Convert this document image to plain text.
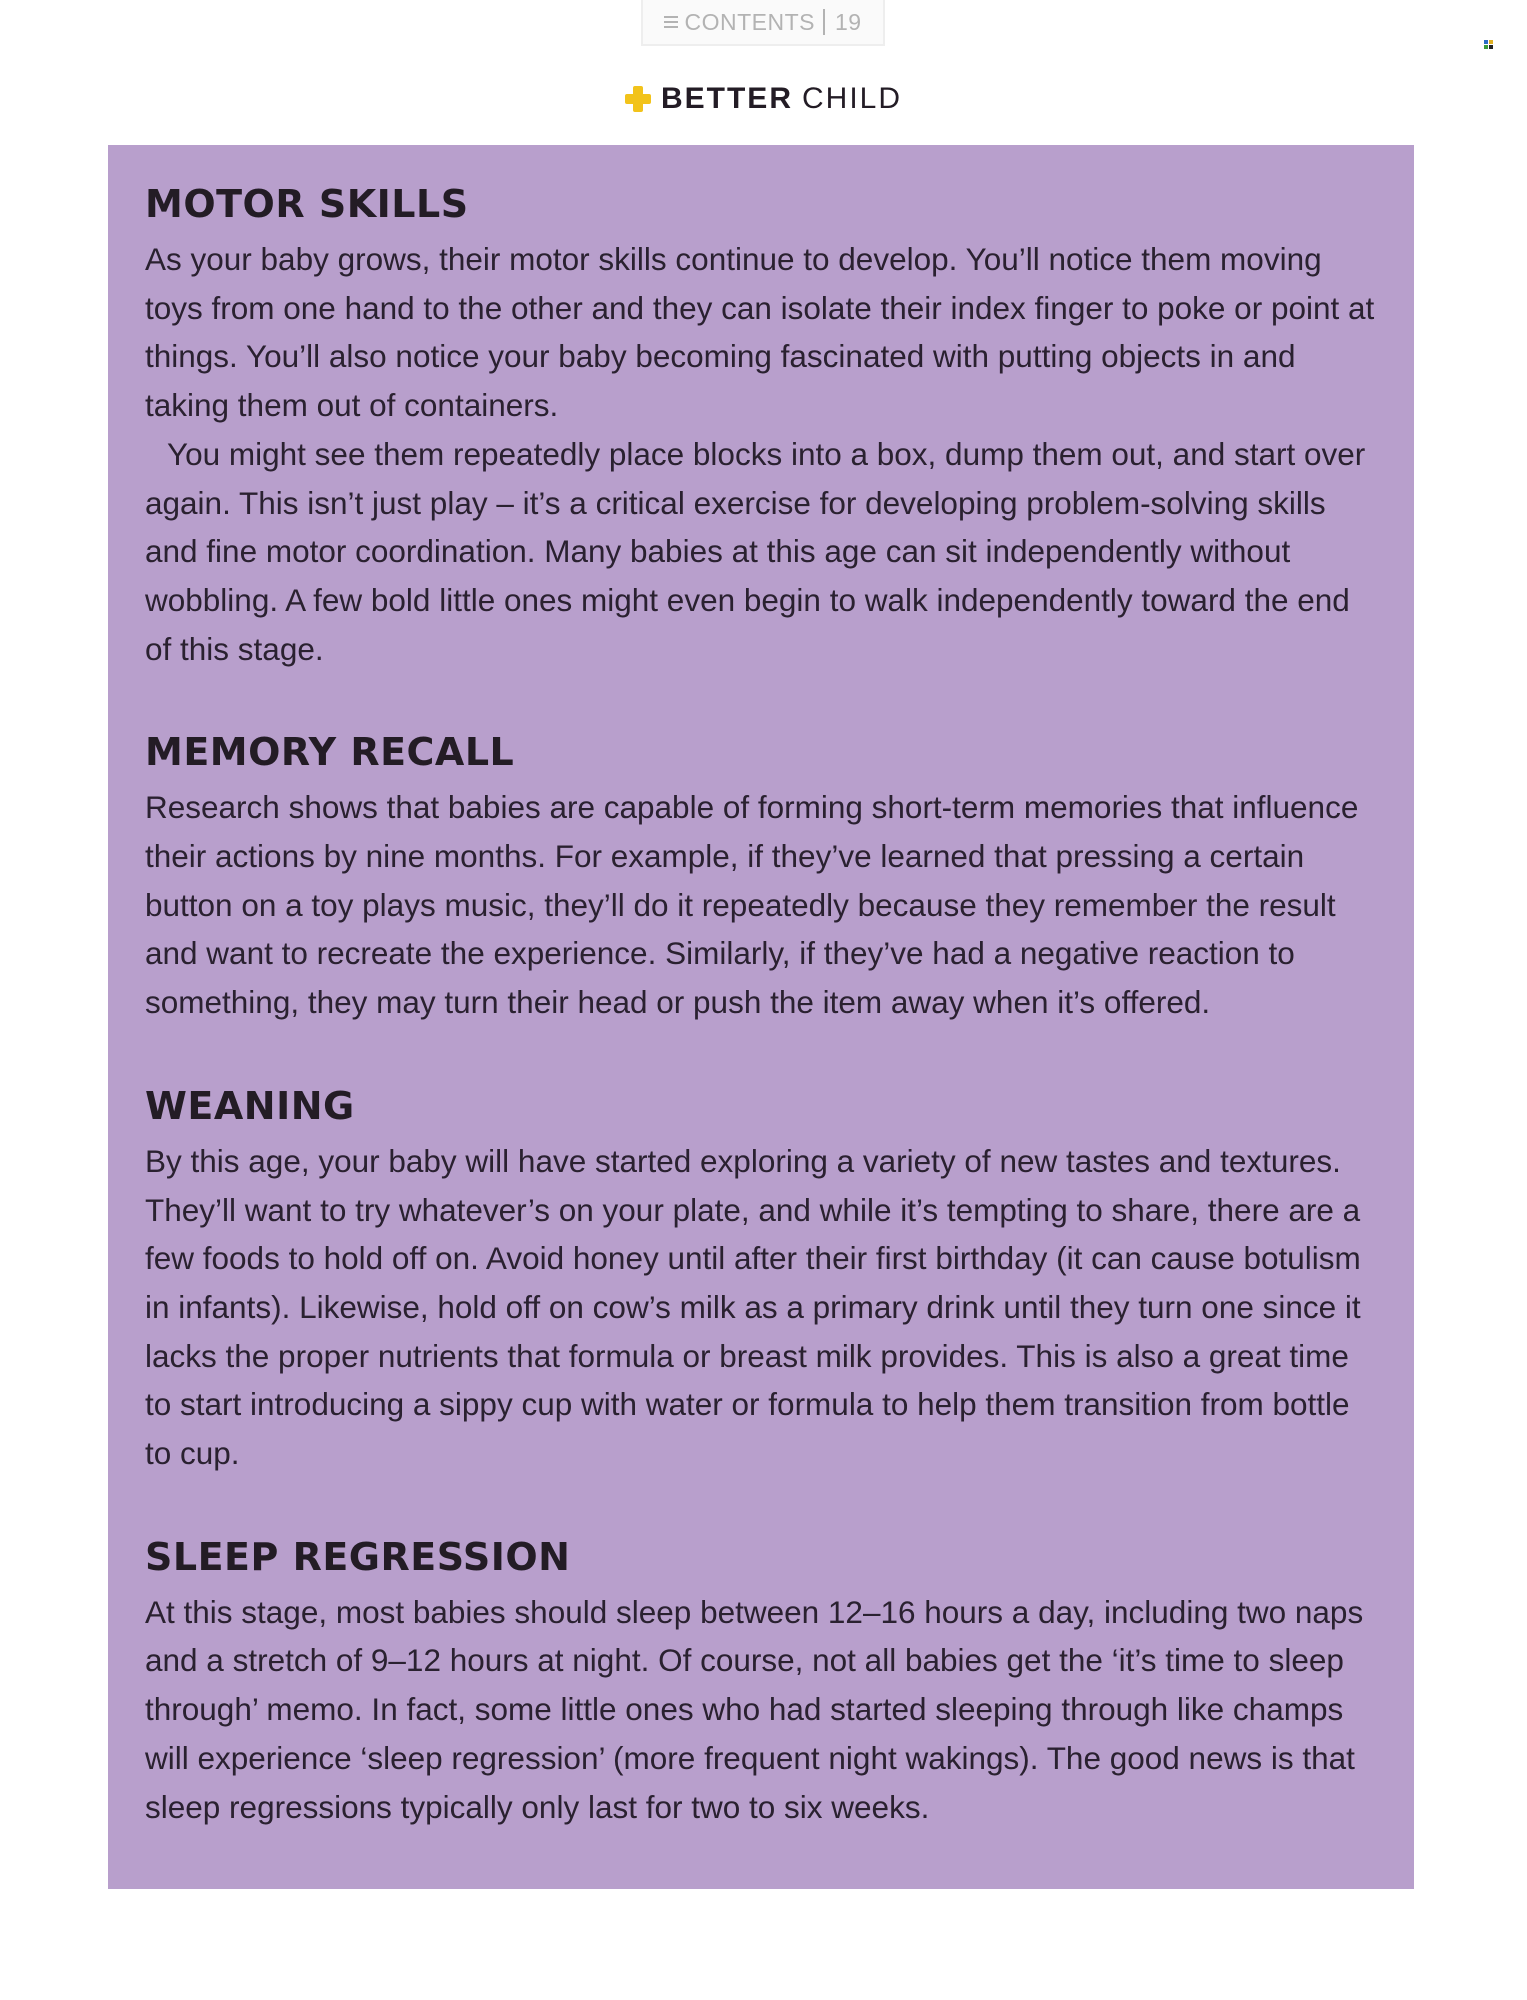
CONTENTS 19
BETTER CHILD
MOTOR SKILLS

As your baby grows, their motor skills continue to develop. You’ll notice them moving toys from one hand to the other and they can isolate their index finger to poke or point at things. You’ll also notice your baby becoming fascinated with putting objects in and taking them out of containers.

You might see them repeatedly place blocks into a box, dump them out, and start over again. This isn’t just play – it’s a critical exercise for developing problem-solving skills and fine motor coordination. Many babies at this age can sit independently without wobbling. A few bold little ones might even begin to walk independently toward the end of this stage.

MEMORY RECALL

Research shows that babies are capable of forming short-term memories that influence their actions by nine months. For example, if they’ve learned that pressing a certain button on a toy plays music, they’ll do it repeatedly because they remember the result and want to recreate the experience. Similarly, if they’ve had a negative reaction to something, they may turn their head or push the item away when it’s offered.

WEANING

By this age, your baby will have started exploring a variety of new tastes and textures. They’ll want to try whatever’s on your plate, and while it’s tempting to share, there are a few foods to hold off on. Avoid honey until after their first birthday (it can cause botulism in infants). Likewise, hold off on cow’s milk as a primary drink until they turn one since it lacks the proper nutrients that formula or breast milk provides. This is also a great time to start introducing a sippy cup with water or formula to help them transition from bottle to cup.

SLEEP REGRESSION

At this stage, most babies should sleep between 12–16 hours a day, including two naps and a stretch of 9–12 hours at night. Of course, not all babies get the ‘it’s time to sleep through’ memo. In fact, some little ones who had started sleeping through like champs will experience ‘sleep regression’ (more frequent night wakings). The good news is that sleep regressions typically only last for two to six weeks.
